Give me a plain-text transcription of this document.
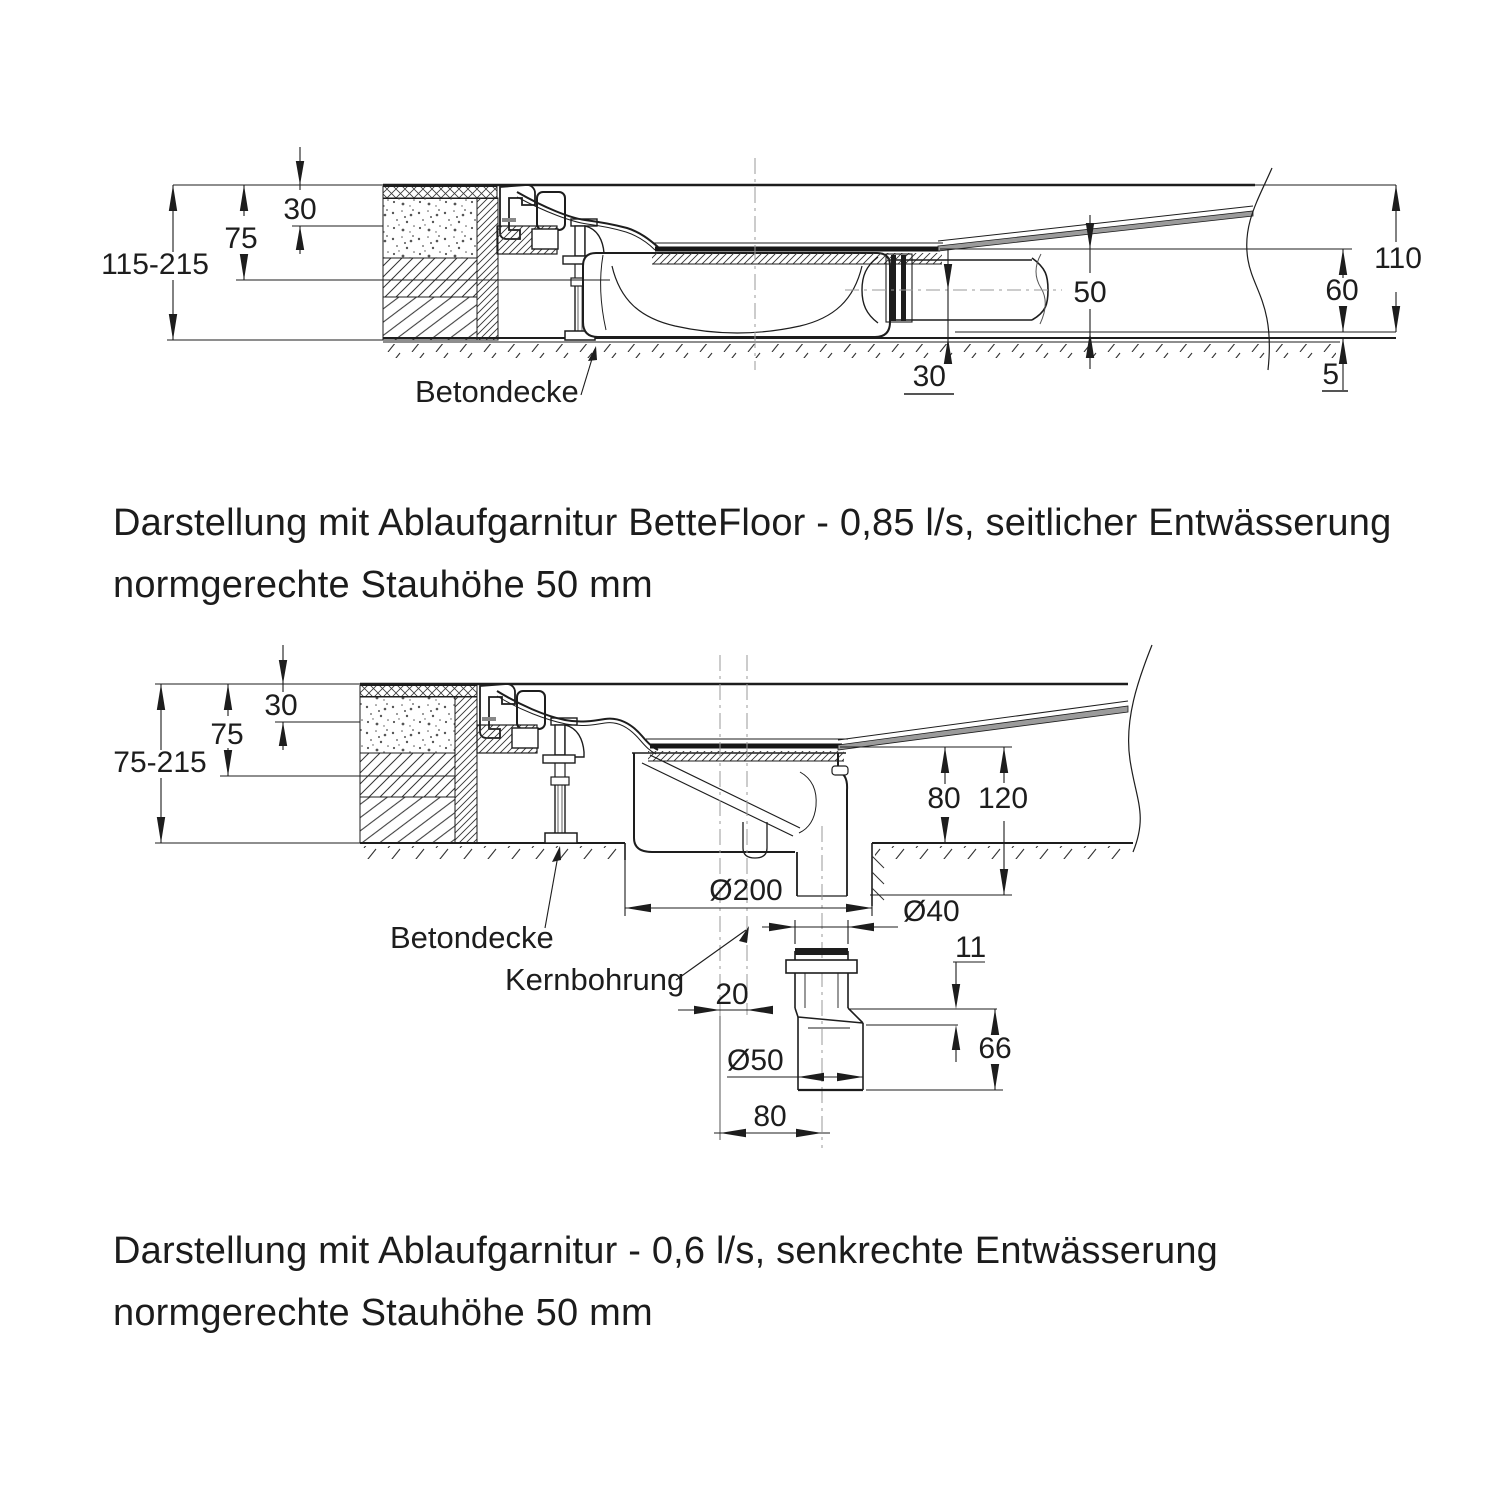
30
75
115-215
50
30
60
110
5
Betondecke
30
75
75-215
80 120
Ø200
Ø40
20
11
66
Ø50
80
Betondecke
Kernbohrung
Darstellung mit Ablaufgarnitur BetteFloor - 0,85 l/s, seitlicher Entwässerung
normgerechte Stauhöhe 50 mm
Darstellung mit Ablaufgarnitur - 0,6 l/s, senkrechte Entwässerung
normgerechte Stauhöhe 50 mm
